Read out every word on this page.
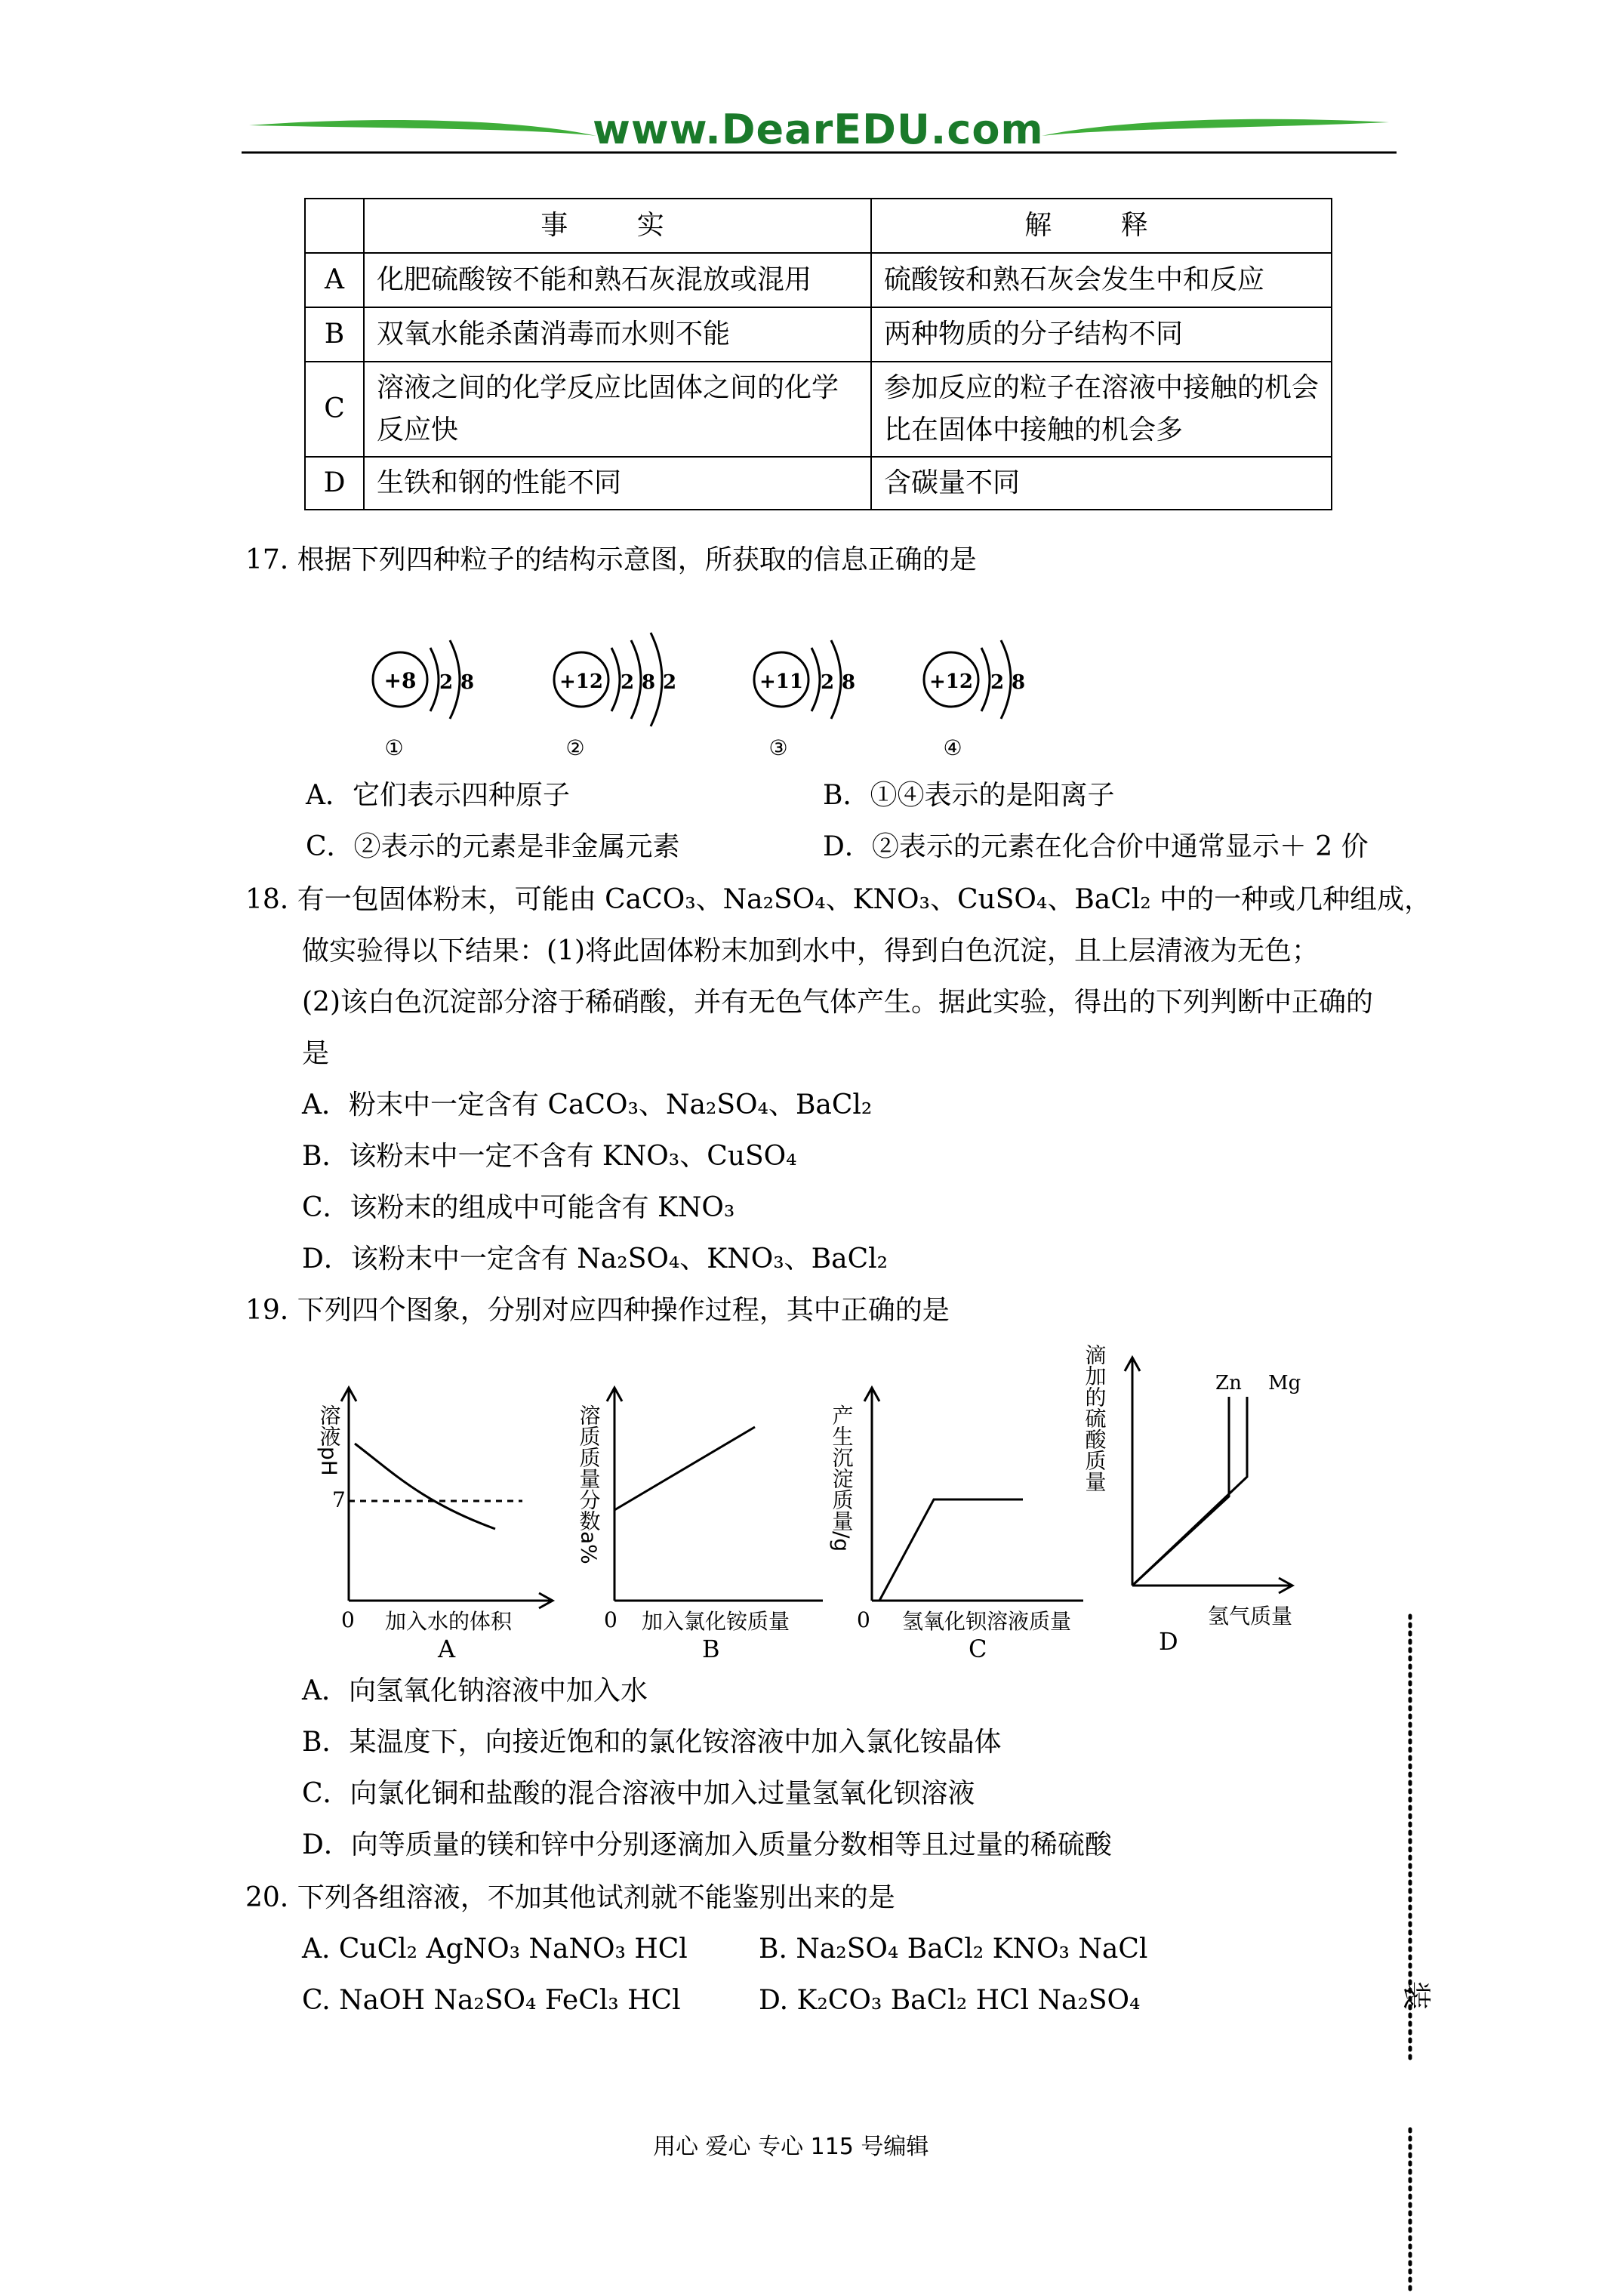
www.DearEDU.com
	事 实	解 释
A	化肥硫酸铵不能和熟石灰混放或混用	硫酸铵和熟石灰会发生中和反应
B	双氧水能杀菌消毒而水则不能	两种物质的分子结构不同
C	溶液之间的化学反应比固体之间的化学反应快	参加反应的粒子在溶液中接触的机会比在固体中接触的机会多
D	生铁和钢的性能不同	含碳量不同
17. 根据下列四种粒子的结构示意图，所获取的信息正确的是
+8 2 8
①
+12 2 8 2
②
+11 2 8
③
+12 2 8
④
A．它们表示四种原子	B．①④表示的是阳离子
C．②表示的元素是非金属元素	D．②表示的元素在化合价中通常显示＋ 2 价
18. 有一包固体粉末，可能由 CaCO₃、Na₂SO₄、KNO₃、CuSO₄、BaCl₂ 中的一种或几种组成，
做实验得以下结果：(1)将此固体粉末加到水中，得到白色沉淀，且上层清液为无色；
(2)该白色沉淀部分溶于稀硝酸，并有无色气体产生。据此实验，得出的下列判断中正确的
是
A．粉末中一定含有 CaCO₃、Na₂SO₄、BaCl₂
B．该粉末中一定不含有 KNO₃、CuSO₄
C．该粉末的组成中可能含有 KNO₃
D．该粉末中一定含有 Na₂SO₄、KNO₃、BaCl₂
19. 下列四个图象，分别对应四种操作过程，其中正确的是
溶液pH
7
0 加入水的体积
A
溶质质量分数a%
0 加入氯化铵质量
B
产生沉淀质量/g
0 氢氧化钡溶液质量
C
滴加的硫酸质量	Zn Mg
氢气质量
D
A．向氢氧化钠溶液中加入水
B．某温度下，向接近饱和的氯化铵溶液中加入氯化铵晶体
C．向氯化铜和盐酸的混合溶液中加入过量氢氧化钡溶液
D．向等质量的镁和锌中分别逐滴加入质量分数相等且过量的稀硫酸
20. 下列各组溶液，不加其他试剂就不能鉴别出来的是
A. CuCl₂ AgNO₃ NaNO₃ HCl	B. Na₂SO₄ BaCl₂ KNO₃ NaCl
C. NaOH Na₂SO₄ FeCl₃ HCl	D. K₂CO₃ BaCl₂ HCl Na₂SO₄	装
用心 爱心 专心 115 号编辑
